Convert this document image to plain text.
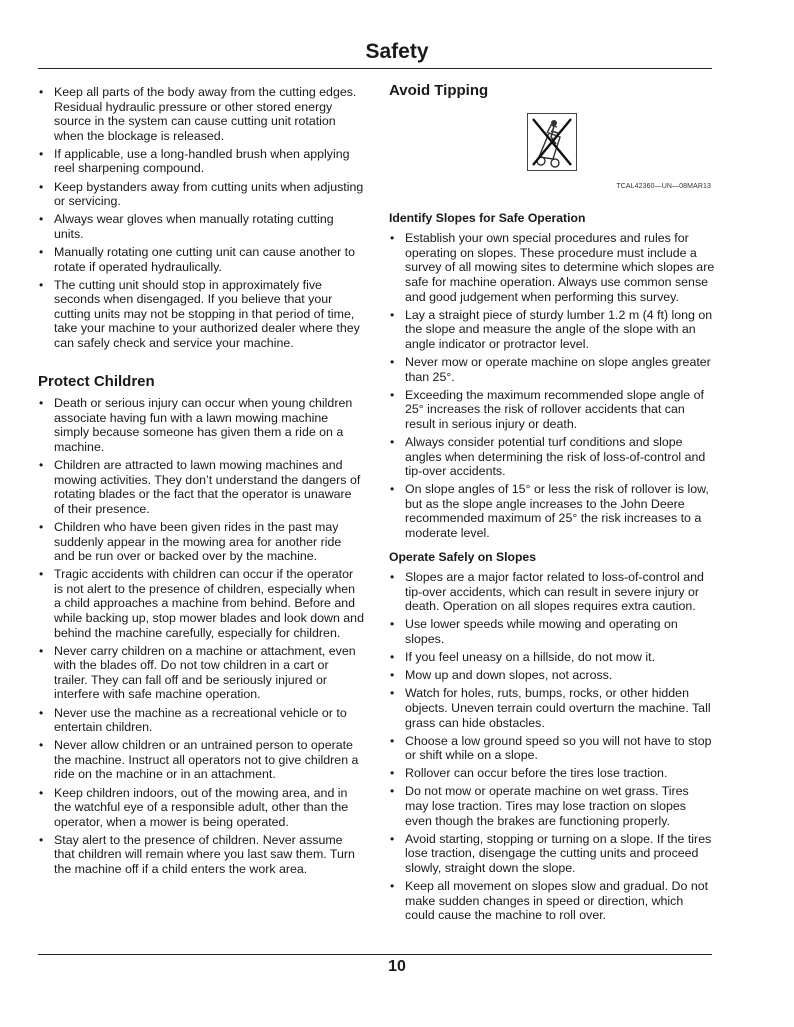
Safety
• Keep all parts of the body away from the cutting edges. Residual hydraulic pressure or other stored energy source in the system can cause cutting unit rotation when the blockage is released.
• If applicable, use a long-handled brush when applying reel sharpening compound.
• Keep bystanders away from cutting units when adjusting or servicing.
• Always wear gloves when manually rotating cutting units.
• Manually rotating one cutting unit can cause another to rotate if operated hydraulically.
• The cutting unit should stop in approximately five seconds when disengaged. If you believe that your cutting units may not be stopping in that period of time, take your machine to your authorized dealer where they can safely check and service your machine.
Protect Children
• Death or serious injury can occur when young children associate having fun with a lawn mowing machine simply because someone has given them a ride on a machine.
• Children are attracted to lawn mowing machines and mowing activities. They don’t understand the dangers of rotating blades or the fact that the operator is unaware of their presence.
• Children who have been given rides in the past may suddenly appear in the mowing area for another ride and be run over or backed over by the machine.
• Tragic accidents with children can occur if the operator is not alert to the presence of children, especially when a child approaches a machine from behind. Before and while backing up, stop mower blades and look down and behind the machine carefully, especially for children.
• Never carry children on a machine or attachment, even with the blades off. Do not tow children in a cart or trailer. They can fall off and be seriously injured or interfere with safe machine operation.
• Never use the machine as a recreational vehicle or to entertain children.
• Never allow children or an untrained person to operate the machine. Instruct all operators not to give children a ride on the machine or in an attachment.
• Keep children indoors, out of the mowing area, and in the watchful eye of a responsible adult, other than the operator, when a mower is being operated.
• Stay alert to the presence of children. Never assume that children will remain where you last saw them. Turn the machine off if a child enters the work area.
Avoid Tipping
TCAL42360—UN—08MAR13
Identify Slopes for Safe Operation
• Establish your own special procedures and rules for operating on slopes. These procedure must include a survey of all mowing sites to determine which slopes are safe for machine operation. Always use common sense and good judgement when performing this survey.
• Lay a straight piece of sturdy lumber 1.2 m (4 ft) long on the slope and measure the angle of the slope with an angle indicator or protractor level.
• Never mow or operate machine on slope angles greater than 25°.
• Exceeding the maximum recommended slope angle of 25° increases the risk of rollover accidents that can result in serious injury or death.
• Always consider potential turf conditions and slope angles when determining the risk of loss-of-control and tip-over accidents.
• On slope angles of 15° or less the risk of rollover is low, but as the slope angle increases to the John Deere recommended maximum of 25° the risk increases to a moderate level.
Operate Safely on Slopes
• Slopes are a major factor related to loss-of-control and tip-over accidents, which can result in severe injury or death. Operation on all slopes requires extra caution.
• Use lower speeds while mowing and operating on slopes.
• If you feel uneasy on a hillside, do not mow it.
• Mow up and down slopes, not across.
• Watch for holes, ruts, bumps, rocks, or other hidden objects. Uneven terrain could overturn the machine. Tall grass can hide obstacles.
• Choose a low ground speed so you will not have to stop or shift while on a slope.
• Rollover can occur before the tires lose traction.
• Do not mow or operate machine on wet grass. Tires may lose traction. Tires may lose traction on slopes even though the brakes are functioning properly.
• Avoid starting, stopping or turning on a slope. If the tires lose traction, disengage the cutting units and proceed slowly, straight down the slope.
• Keep all movement on slopes slow and gradual. Do not make sudden changes in speed or direction, which could cause the machine to roll over.
10
